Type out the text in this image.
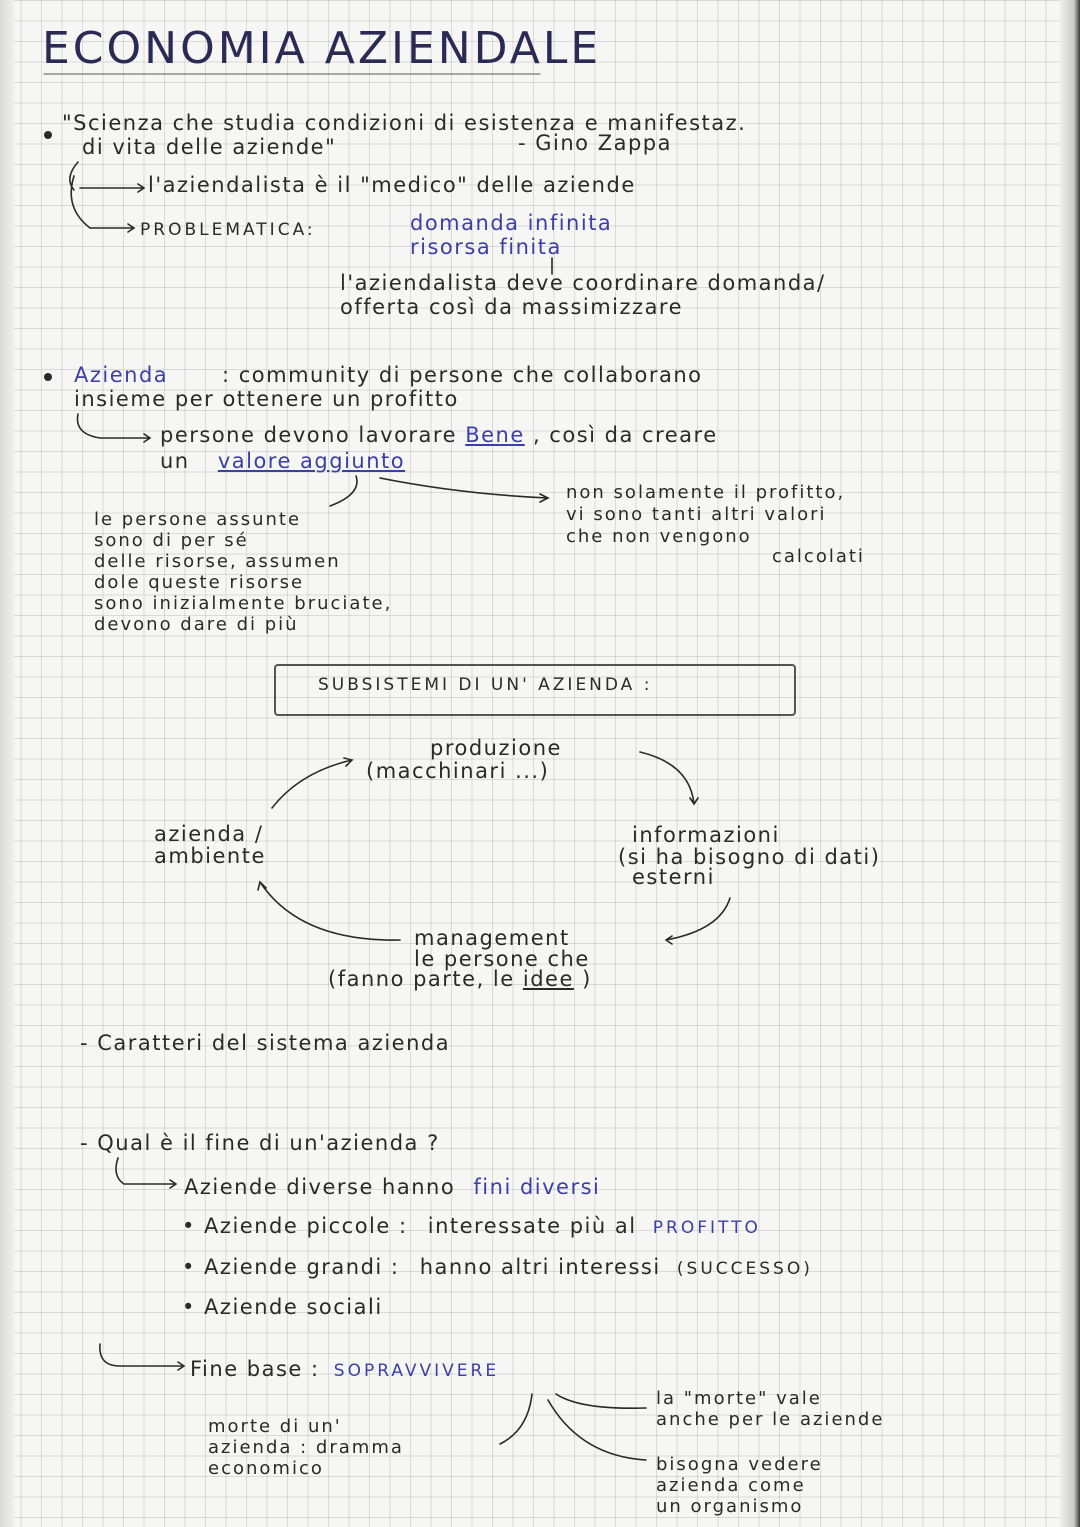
ECONOMIA AZIENDALE
"Scienza che studia condizioni di esistenza e manifestaz.
di vita delle aziende"	- Gino Zappa
l'aziendalista è il "medico" delle aziende
PROBLEMATICA:	domanda infinita
risorsa finita
l'aziendalista deve coordinare domanda/
offerta così da massimizzare
Azienda	: community di persone che collaborano
insieme per ottenere un profitto
persone devono lavorare Bene , così da creare
un valore aggiunto
le persone assunte
sono di per sé
delle risorse, assumen
dole queste risorse
sono inizialmente bruciate,
devono dare di più
non solamente il profitto,
vi sono tanti altri valori
che non vengono
calcolati
SUBSISTEMI DI UN' AZIENDA :
produzione
(macchinari ...)
informazioni
(si ha bisogno di dati)
esterni
azienda /
ambiente
management
le persone che
(fanno parte, le idee )
- Caratteri del sistema azienda
- Qual è il fine di un'azienda ?
Aziende diverse hanno fini diversi
• Aziende piccole : interessate più al PROFITTO
• Aziende grandi : hanno altri interessi (SUCCESSO)
• Aziende sociali
Fine base : SOPRAVVIVERE
morte di un'
azienda : dramma
economico
la "morte" vale
anche per le aziende
bisogna vedere
azienda come
un organismo
